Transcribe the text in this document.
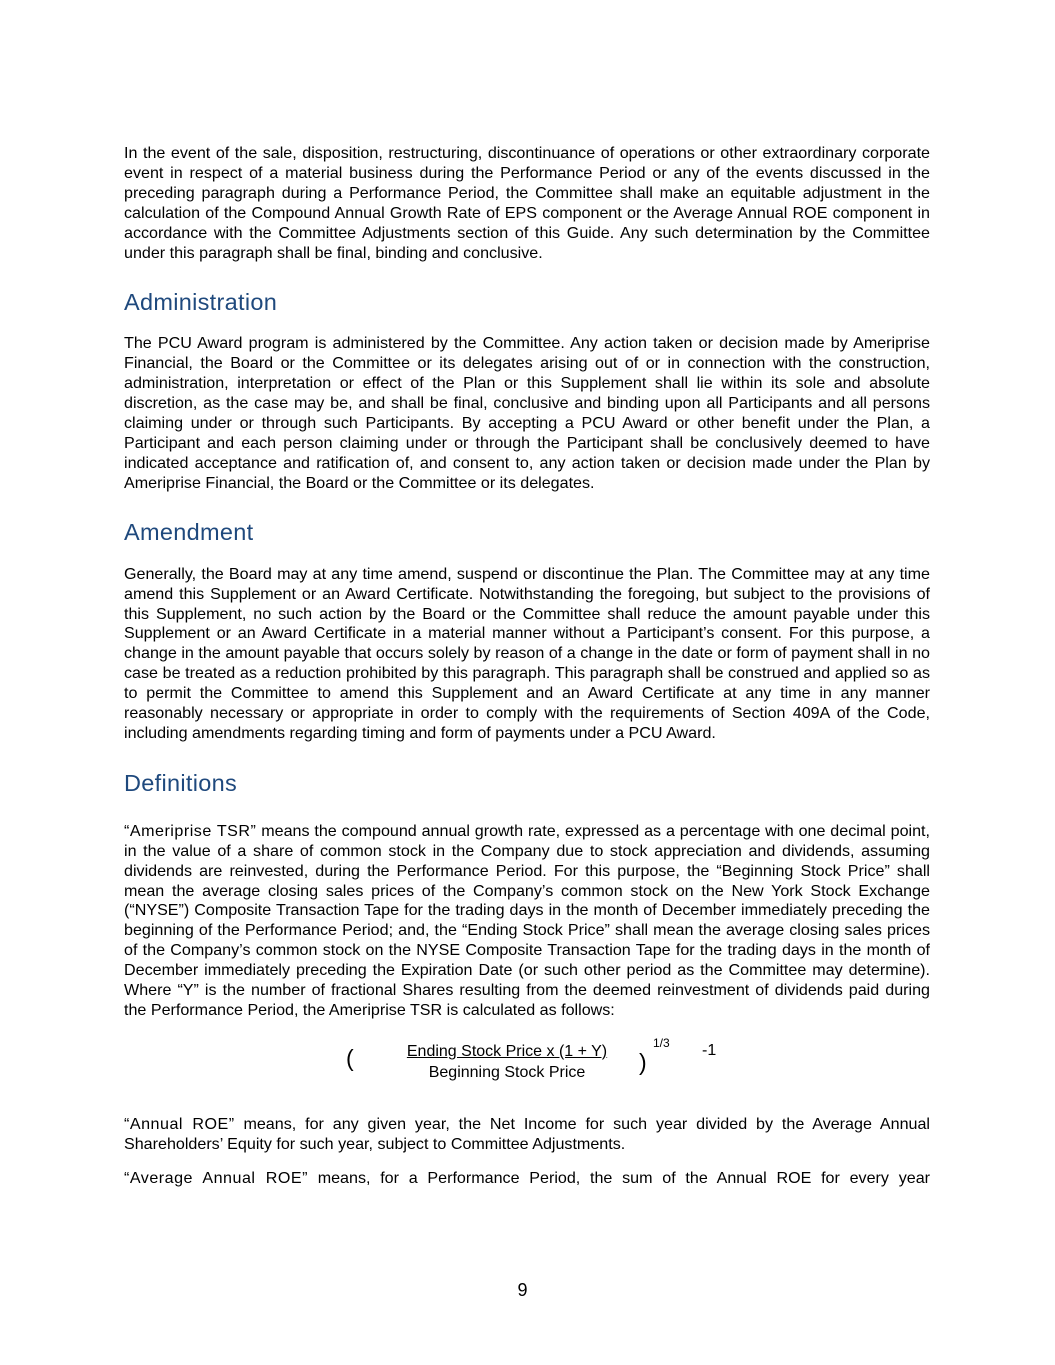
In the event of the sale, disposition, restructuring, discontinuance of operations or other extraordinary corporate event in respect of a material business during the Performance Period or any of the events discussed in the preceding paragraph during a Performance Period, the Committee shall make an equitable adjustment in the calculation of the Compound Annual Growth Rate of EPS component or the Average Annual ROE component in accordance with the Committee Adjustments section of this Guide. Any such determination by the Committee under this paragraph shall be final, binding and conclusive.

Administration

The PCU Award program is administered by the Committee. Any action taken or decision made by Ameriprise Financial, the Board or the Committee or its delegates arising out of or in connection with the construction, administration, interpretation or effect of the Plan or this Supplement shall lie within its sole and absolute discretion, as the case may be, and shall be final, conclusive and binding upon all Participants and all persons claiming under or through such Participants. By accepting a PCU Award or other benefit under the Plan, a Participant and each person claiming under or through the Participant shall be conclusively deemed to have indicated acceptance and ratification of, and consent to, any action taken or decision made under the Plan by Ameriprise Financial, the Board or the Committee or its delegates.

Amendment

Generally, the Board may at any time amend, suspend or discontinue the Plan. The Committee may at any time amend this Supplement or an Award Certificate. Notwithstanding the foregoing, but subject to the provisions of this Supplement, no such action by the Board or the Committee shall reduce the amount payable under this Supplement or an Award Certificate in a material manner without a Participant’s consent. For this purpose, a change in the amount payable that occurs solely by reason of a change in the date or form of payment shall in no case be treated as a reduction prohibited by this paragraph. This paragraph shall be construed and applied so as to permit the Committee to amend this Supplement and an Award Certificate at any time in any manner reasonably necessary or appropriate in order to comply with the requirements of Section 409A of the Code, including amendments regarding timing and form of payments under a PCU Award.

Definitions

“Ameriprise TSR” means the compound annual growth rate, expressed as a percentage with one decimal point, in the value of a share of common stock in the Company due to stock appreciation and dividends, assuming dividends are reinvested, during the Performance Period. For this purpose, the “Beginning Stock Price” shall mean the average closing sales prices of the Company’s common stock on the New York Stock Exchange (“NYSE”) Composite Transaction Tape for the trading days in the month of December immediately preceding the beginning of the Performance Period; and, the “Ending Stock Price” shall mean the average closing sales prices of the Company’s common stock on the NYSE Composite Transaction Tape for the trading days in the month of December immediately preceding the Expiration Date (or such other period as the Committee may determine). Where “Y” is the number of fractional Shares resulting from the deemed reinvestment of dividends paid during the Performance Period, the Ameriprise TSR is calculated as follows:

(	Ending Stock Price x (1 + Y)
Beginning Stock Price	)
1/3 -1

“Annual ROE” means, for any given year, the Net Income for such year divided by the Average Annual Shareholders’ Equity for such year, subject to Committee Adjustments.

“Average Annual ROE” means, for a Performance Period, the sum of the Annual ROE for every year

9
